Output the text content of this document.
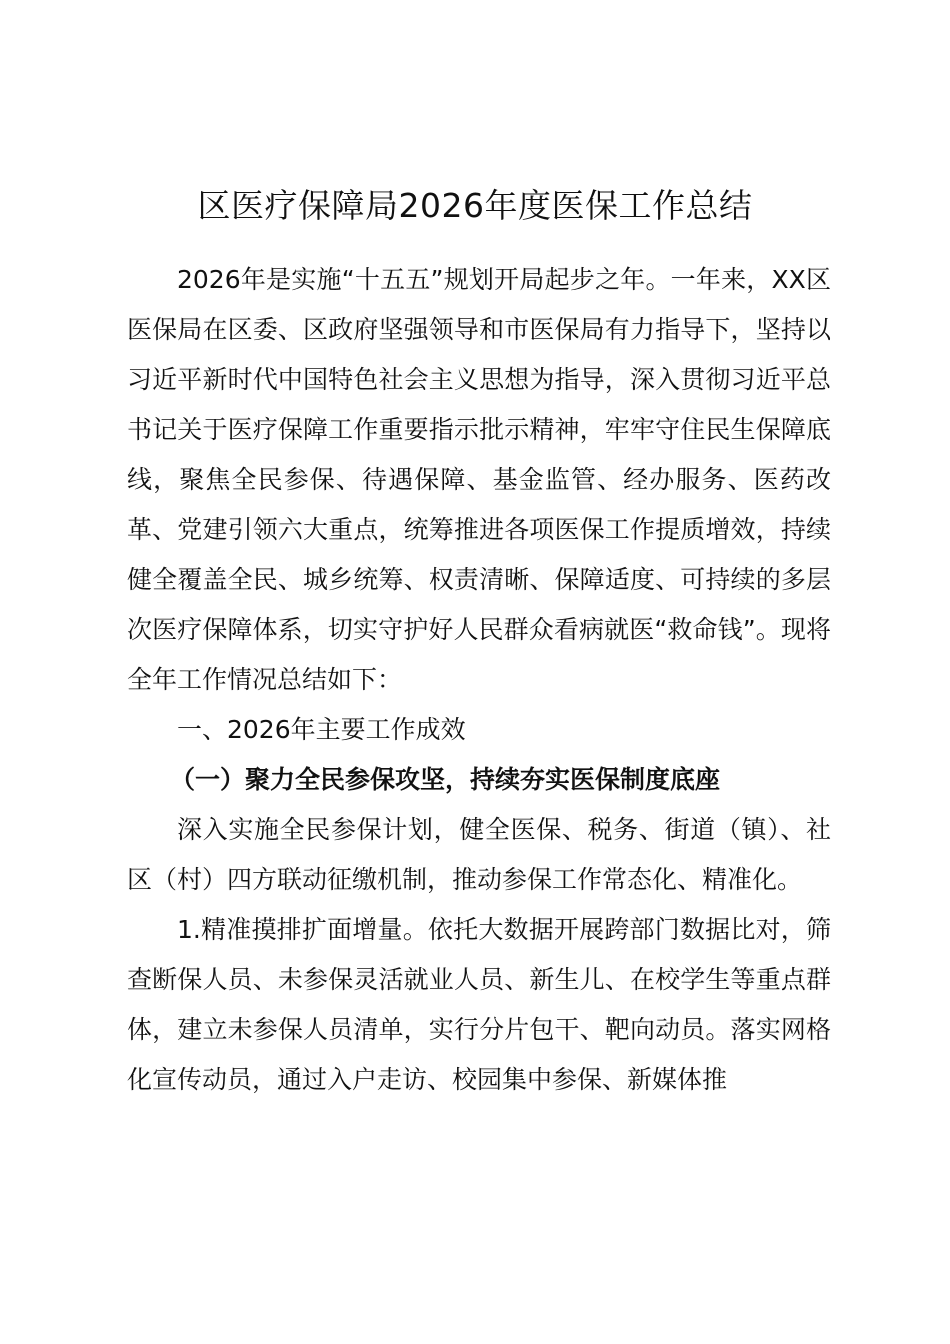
区医疗保障局2026年度医保工作总结

2026年是实施“十五五”规划开局起步之年。一年来，XX区医保局在区委、区政府坚强领导和市医保局有力指导下，坚持以习近平新时代中国特色社会主义思想为指导，深入贯彻习近平总书记关于医疗保障工作重要指示批示精神，牢牢守住民生保障底线，聚焦全民参保、待遇保障、基金监管、经办服务、医药改革、党建引领六大重点，统筹推进各项医保工作提质增效，持续健全覆盖全民、城乡统筹、权责清晰、保障适度、可持续的多层次医疗保障体系，切实守护好人民群众看病就医“救命钱”。现将全年工作情况总结如下：

一、2026年主要工作成效

（一）聚力全民参保攻坚，持续夯实医保制度底座

深入实施全民参保计划，健全医保、税务、街道（镇）、社区（村）四方联动征缴机制，推动参保工作常态化、精准化。

1.精准摸排扩面增量。依托大数据开展跨部门数据比对，筛查断保人员、未参保灵活就业人员、新生儿、在校学生等重点群体，建立未参保人员清单，实行分片包干、靶向动员。落实网格化宣传动员，通过入户走访、校园集中参保、新媒体推
